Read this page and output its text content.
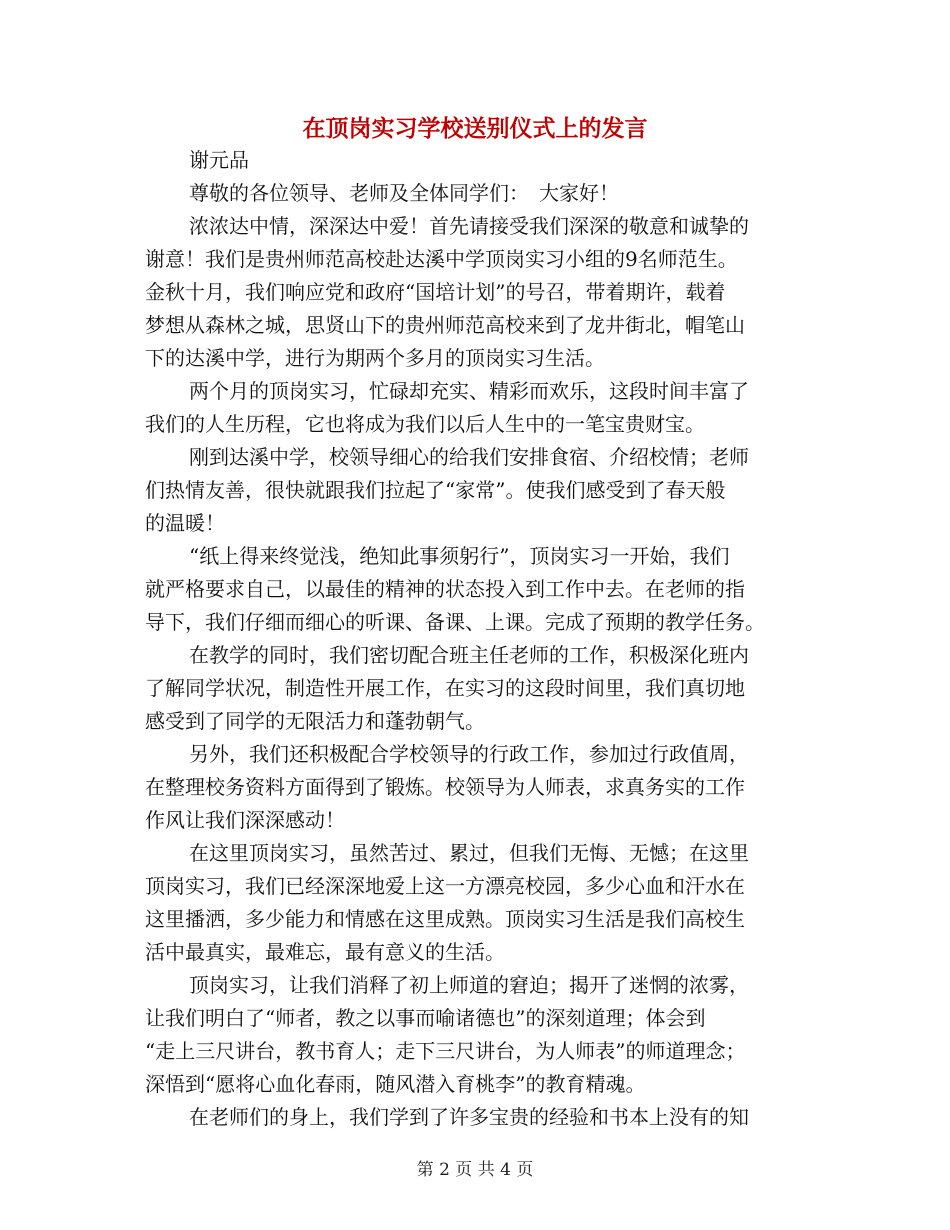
在顶岗实习学校送别仪式上的发言
谢元品
尊敬的各位领导、老师及全体同学们：　大家好！
浓浓达中情，深深达中爱！首先请接受我们深深的敬意和诚挚的
谢意！我们是贵州师范高校赴达溪中学顶岗实习小组的9名师范生。
金秋十月，我们响应党和政府“国培计划”的号召，带着期许，载着
梦想从森林之城，思贤山下的贵州师范高校来到了龙井街北，帽笔山
下的达溪中学，进行为期两个多月的顶岗实习生活。
两个月的顶岗实习，忙碌却充实、精彩而欢乐，这段时间丰富了
我们的人生历程，它也将成为我们以后人生中的一笔宝贵财宝。
刚到达溪中学，校领导细心的给我们安排食宿、介绍校情；老师
们热情友善，很快就跟我们拉起了“家常”。使我们感受到了春天般
的温暖！
“纸上得来终觉浅，绝知此事须躬行”，顶岗实习一开始，我们
就严格要求自己，以最佳的精神的状态投入到工作中去。在老师的指
导下，我们仔细而细心的听课、备课、上课。完成了预期的教学任务。
在教学的同时，我们密切配合班主任老师的工作，积极深化班内
了解同学状况，制造性开展工作，在实习的这段时间里，我们真切地
感受到了同学的无限活力和蓬勃朝气。
另外，我们还积极配合学校领导的行政工作，参加过行政值周，
在整理校务资料方面得到了锻炼。校领导为人师表，求真务实的工作
作风让我们深深感动！
在这里顶岗实习，虽然苦过、累过，但我们无悔、无憾；在这里
顶岗实习，我们已经深深地爱上这一方漂亮校园，多少心血和汗水在
这里播洒，多少能力和情感在这里成熟。顶岗实习生活是我们高校生
活中最真实，最难忘，最有意义的生活。
顶岗实习，让我们消释了初上师道的窘迫；揭开了迷惘的浓雾，
让我们明白了“师者，教之以事而喻诸德也”的深刻道理；体会到
“走上三尺讲台，教书育人；走下三尺讲台，为人师表”的师道理念；
深悟到“愿将心血化春雨，随风潜入育桃李”的教育精魂。
在老师们的身上，我们学到了许多宝贵的经验和书本上没有的知
第 2 页 共 4 页
